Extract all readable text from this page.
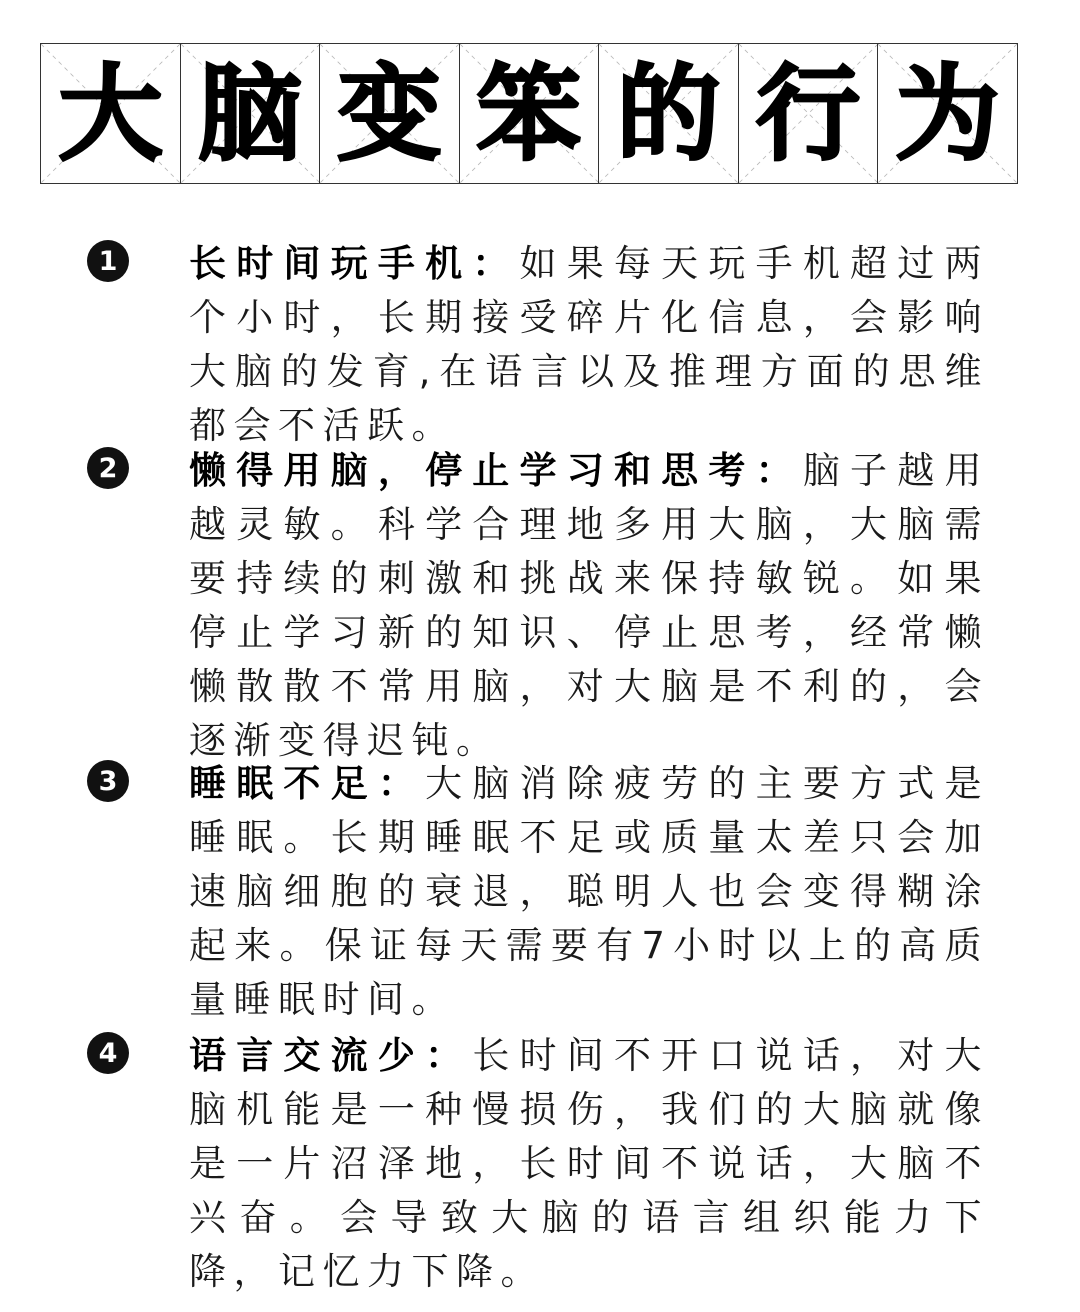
大 脑 变 笨 的 行 为
1	长时间玩手机：如果每天玩手机超过两个小时，长期接受碎片化信息，会影响大脑的发育,在语言以及推理方面的思维都会不活跃。

2	懒得用脑，停止学习和思考：脑子越用越灵敏。科学合理地多用大脑，大脑需要持续的刺激和挑战来保持敏锐。如果停止学习新的知识、停止思考，经常懒懒散散不常用脑，对大脑是不利的，会逐渐变得迟钝。

3	睡眠不足：大脑消除疲劳的主要方式是睡眠。长期睡眠不足或质量太差只会加速脑细胞的衰退，聪明人也会变得糊涂起来。保证每天需要有7小时以上的高质量睡眠时间。

4	语言交流少：长时间不开口说话，对大脑机能是一种慢损伤，我们的大脑就像是一片沼泽地，长时间不说话，大脑不兴奋。会导致大脑的语言组织能力下降，记忆力下降。
